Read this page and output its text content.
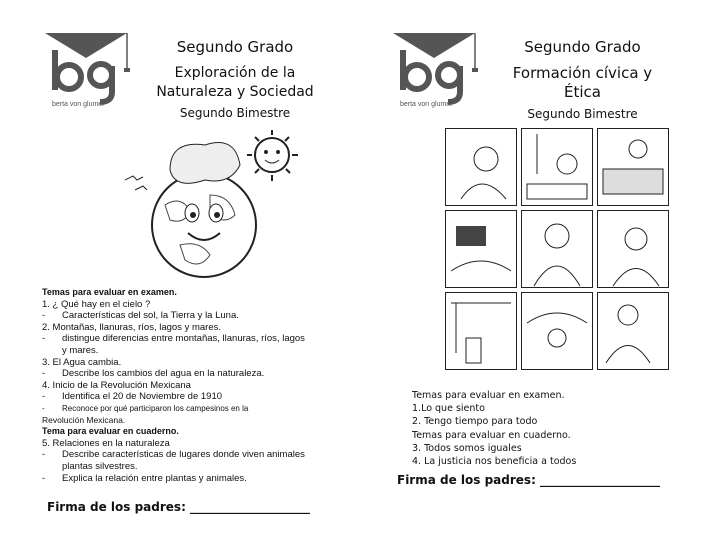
berta von glumer
Segundo Grado
Exploración de la
Naturaleza y Sociedad
Segundo Bimestre
Temas para evaluar en examen.
1. ¿ Qué hay en el cielo ?
-	Características del sol, la Tierra y la Luna.
2. Montañas, llanuras, ríos, lagos y mares.
-	distingue diferencias entre montañas, llanuras, ríos, lagos
y mares.
3. El Agua cambia.
-	Describe los cambios del agua en la naturaleza.
4. Inicio de la Revolución Mexicana
-	Identifica el 20 de Noviembre de 1910
-	Reconoce por qué participaron los campesinos en la
Revolución Mexicana.
Tema para evaluar en cuaderno.
5. Relaciones en la naturaleza
-	Describe características de lugares donde viven animales
plantas silvestres.
-	Explica la relación entre plantas y animales.
Firma de los padres: ____________________
berta von glumer
Segundo Grado
Formación cívica y
Ética
Segundo Bimestre
Temas para evaluar en examen.
1.Lo que siento
2. Tengo tiempo para todo
Temas para evaluar en cuaderno.
3. Todos somos iguales
4. La justicia nos beneficia a todos
Firma de los padres: ____________________
